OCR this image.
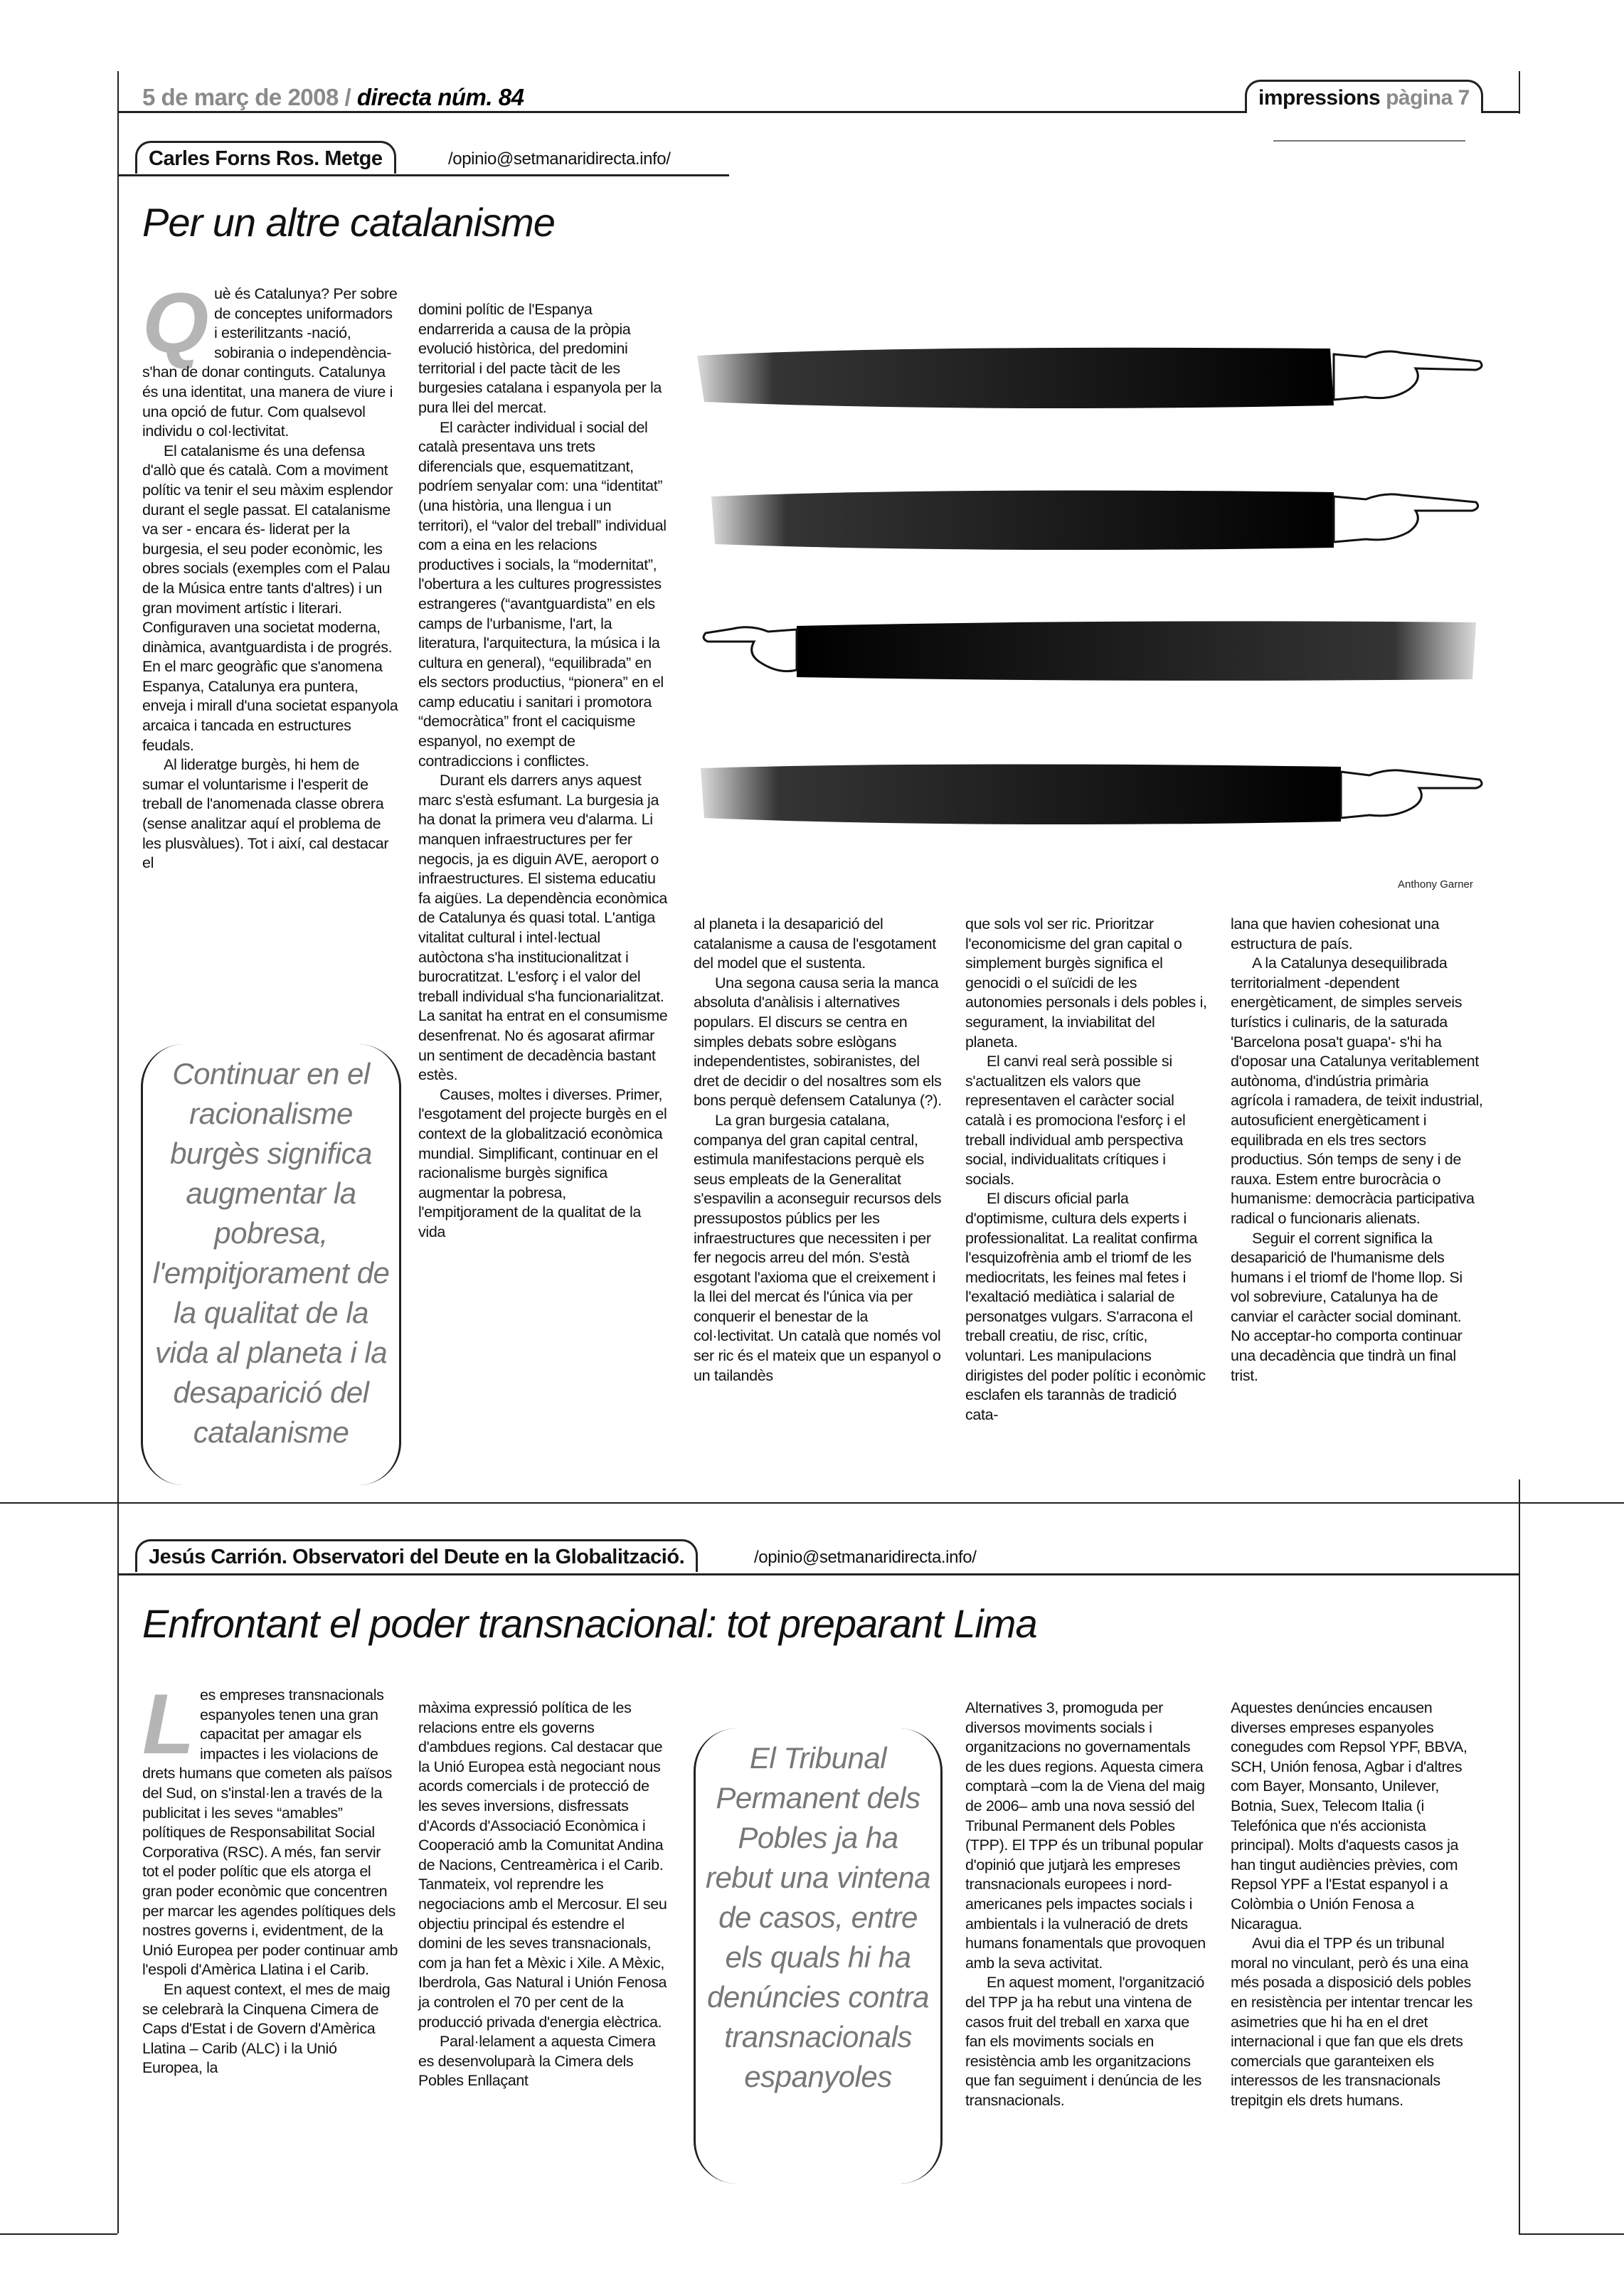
5 de març de 2008 / directa núm. 84	impressions pàgina 7
Carles Forns Ros. Metge	/opinio@setmanaridirecta.info/
Per un altre catalanisme

Què és Catalunya? Per sobre de conceptes uniformadors i esterilitzants -nació, sobirania o independència- s'han de donar continguts. Catalunya és una identitat, una manera de viure i una opció de futur. Com qualsevol individu o col·lectivitat.

El catalanisme és una defensa d'allò que és català. Com a moviment polític va tenir el seu màxim esplendor durant el segle passat. El catalanisme va ser - encara és- liderat per la burgesia, el seu poder econòmic, les obres socials (exemples com el Palau de la Música entre tants d'altres) i un gran moviment artístic i literari. Configuraven una societat moderna, dinàmica, avantguardista i de progrés. En el marc geogràfic que s'anomena Espanya, Catalunya era puntera, enveja i mirall d'una societat espanyola arcaica i tancada en estructures feudals.

Al lideratge burgès, hi hem de sumar el voluntarisme i l'esperit de treball de l'anomenada classe obrera (sense analitzar aquí el problema de les plusvàlues). Tot i així, cal destacar el

Continuar en el racionalisme burgès significa augmentar la pobresa, l'empitjorament de la qualitat de la vida al planeta i la desaparició del catalanisme

domini polític de l'Espanya endarrerida a causa de la pròpia evolució històrica, del predomini territorial i del pacte tàcit de les burgesies catalana i espanyola per la pura llei del mercat.

El caràcter individual i social del català presentava uns trets diferencials que, esquematitzant, podríem senyalar com: una “identitat” (una història, una llengua i un territori), el “valor del treball” individual com a eina en les relacions productives i socials, la “modernitat”, l'obertura a les cultures progressistes estrangeres (“avantguardista” en els camps de l'urbanisme, l'art, la literatura, l'arquitectura, la música i la cultura en general), “equilibrada” en els sectors productius, “pionera” en el camp educatiu i sanitari i promotora “democràtica” front el caciquisme espanyol, no exempt de contradiccions i conflictes.

Durant els darrers anys aquest marc s'està esfumant. La burgesia ja ha donat la primera veu d'alarma. Li manquen infraestructures per fer negocis, ja es diguin AVE, aeroport o infraestructures. El sistema educatiu fa aigües. La dependència econòmica de Catalunya és quasi total. L'antiga vitalitat cultural i intel·lectual autòctona s'ha institucionalitzat i burocratitzat. L'esforç i el valor del treball individual s'ha funcionarialitzat. La sanitat ha entrat en el consumisme desenfrenat. No és agosarat afirmar un sentiment de decadència bastant estès.

Causes, moltes i diverses. Primer, l'esgotament del projecte burgès en el context de la globalització econòmica mundial. Simplificant, continuar en el racionalisme burgès significa augmentar la pobresa, l'empitjorament de la qualitat de la vida

al planeta i la desaparició del catalanisme a causa de l'esgotament del model que el sustenta.

Una segona causa seria la manca absoluta d'anàlisis i alternatives populars. El discurs se centra en simples debats sobre eslògans independentistes, sobiranistes, del dret de decidir o del nosaltres som els bons perquè defensem Catalunya (?).

La gran burgesia catalana, companya del gran capital central, estimula manifestacions perquè els seus empleats de la Generalitat s'espavilin a aconseguir recursos dels pressupostos públics per les infraestructures que necessiten i per fer negocis arreu del món. S'està esgotant l'axioma que el creixement i la llei del mercat és l'única via per conquerir el benestar de la col·lectivitat. Un català que només vol ser ric és el mateix que un espanyol o un tailandès

que sols vol ser ric. Prioritzar l'economicisme del gran capital o simplement burgès significa el genocidi o el suïcidi de les autonomies personals i dels pobles i, segurament, la inviabilitat del planeta.

El canvi real serà possible si s'actualitzen els valors que representaven el caràcter social català i es promociona l'esforç i el treball individual amb perspectiva social, individualitats crítiques i socials.

El discurs oficial parla d'optimisme, cultura dels experts i professionalitat. La realitat confirma l'esquizofrènia amb el triomf de les mediocritats, les feines mal fetes i l'exaltació mediàtica i salarial de personatges vulgars. S'arracona el treball creatiu, de risc, crític, voluntari. Les manipulacions dirigistes del poder polític i econòmic esclafen els tarannàs de tradició cata-

lana que havien cohesionat una estructura de país.

A la Catalunya desequilibrada territorialment -dependent energèticament, de simples serveis turístics i culinaris, de la saturada 'Barcelona posa't guapa'- s'hi ha d'oposar una Catalunya veritablement autònoma, d'indústria primària agrícola i ramadera, de teixit industrial, autosuficient energèticament i equilibrada en els tres sectors productius. Són temps de seny i de rauxa. Estem entre burocràcia o humanisme: democràcia participativa radical o funcionaris alienats.

Seguir el corrent significa la desaparició de l'humanisme dels humans i el triomf de l'home llop. Si vol sobreviure, Catalunya ha de canviar el caràcter social dominant. No acceptar-ho comporta continuar una decadència que tindrà un final trist.

Anthony Garner
Jesús Carrión. Observatori del Deute en la Globalització.	/opinio@setmanaridirecta.info/
Enfrontant el poder transnacional: tot preparant Lima

Les empreses transnacionals espanyoles tenen una gran capacitat per amagar els impactes i les violacions de drets humans que cometen als països del Sud, on s'instal·len a través de la publicitat i les seves “amables” polítiques de Responsabilitat Social Corporativa (RSC). A més, fan servir tot el poder polític que els atorga el gran poder econòmic que concentren per marcar les agendes polítiques dels nostres governs i, evidentment, de la Unió Europea per poder continuar amb l'espoli d'Amèrica Llatina i el Carib.

En aquest context, el mes de maig se celebrarà la Cinquena Cimera de Caps d'Estat i de Govern d'Amèrica Llatina – Carib (ALC) i la Unió Europea, la

màxima expressió política de les relacions entre els governs d'ambdues regions. Cal destacar que la Unió Europea està negociant nous acords comercials i de protecció de les seves inversions, disfressats d'Acords d'Associació Econòmica i Cooperació amb la Comunitat Andina de Nacions, Centreamèrica i el Carib. Tanmateix, vol reprendre les negociacions amb el Mercosur. El seu objectiu principal és estendre el domini de les seves transnacionals, com ja han fet a Mèxic i Xile. A Mèxic, Iberdrola, Gas Natural i Unión Fenosa ja controlen el 70 per cent de la producció privada d'energia elèctrica.

Paral·lelament a aquesta Cimera es desenvoluparà la Cimera dels Pobles Enllaçant

El Tribunal Permanent dels Pobles ja ha rebut una vintena de casos, entre els quals hi ha denúncies contra transnacionals espanyoles

Alternatives 3, promoguda per diversos moviments socials i organitzacions no governamentals de les dues regions. Aquesta cimera comptarà –com la de Viena del maig de 2006– amb una nova sessió del Tribunal Permanent dels Pobles (TPP). El TPP és un tribunal popular d'opinió que jutjarà les empreses transnacionals europees i nord-americanes pels impactes socials i ambientals i la vulneració de drets humans fonamentals que provoquen amb la seva activitat.

En aquest moment, l'organització del TPP ja ha rebut una vintena de casos fruit del treball en xarxa que fan els moviments socials en resistència amb les organitzacions que fan seguiment i denúncia de les transnacionals.

Aquestes denúncies encausen diverses empreses espanyoles conegudes com Repsol YPF, BBVA, SCH, Unión fenosa, Agbar i d'altres com Bayer, Monsanto, Unilever, Botnia, Suex, Telecom Italia (i Telefónica que n'és accionista principal). Molts d'aquests casos ja han tingut audiències prèvies, com Repsol YPF a l'Estat espanyol i a Colòmbia o Unión Fenosa a Nicaragua.

Avui dia el TPP és un tribunal moral no vinculant, però és una eina més posada a disposició dels pobles en resistència per intentar trencar les asimetries que hi ha en el dret internacional i que fan que els drets comercials que garanteixen els interessos de les transnacionals trepitgin els drets humans.
